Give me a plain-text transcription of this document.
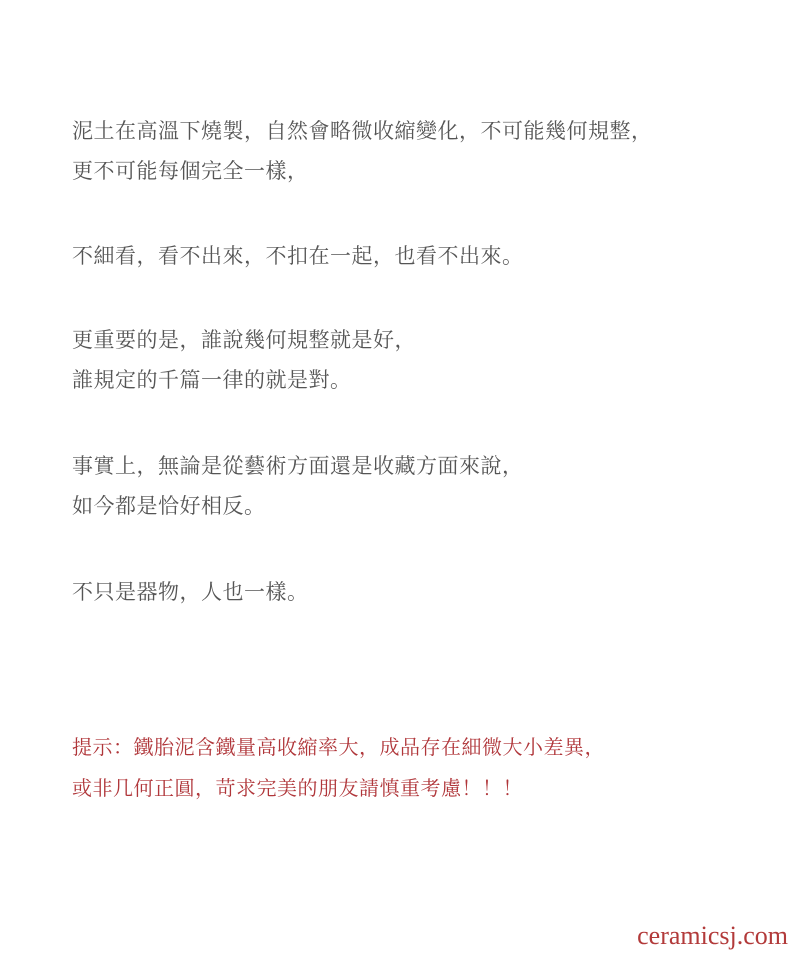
泥土在高溫下燒製，自然會略微收縮變化，不可能幾何規整，
更不可能每個完全一樣，
不細看，看不出來，不扣在一起，也看不出來。
更重要的是，誰說幾何規整就是好，
誰規定的千篇一律的就是對。
事實上，無論是從藝術方面還是收藏方面來說，
如今都是恰好相反。
不只是器物，人也一樣。
提示：鐵胎泥含鐵量高收縮率大，成品存在細微大小差異，
或非几何正圓，苛求完美的朋友請慎重考慮！！！
ceramicsj.com
